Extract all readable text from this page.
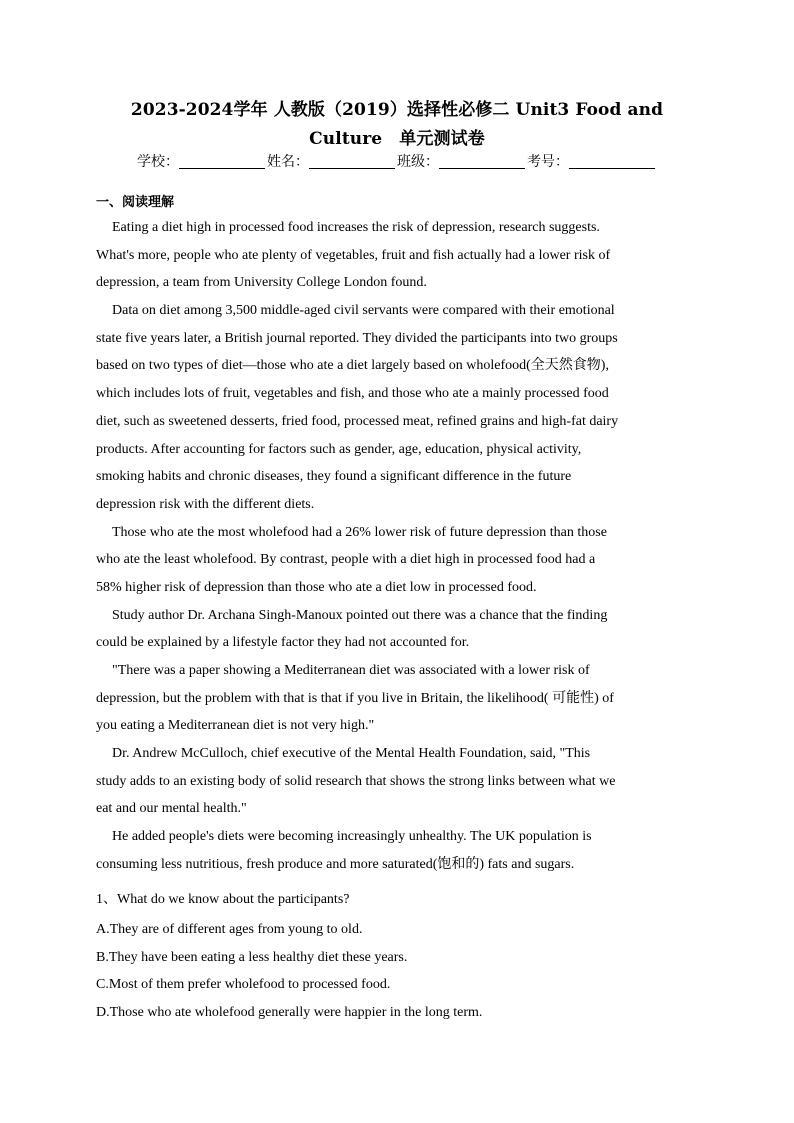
2023-2024学年 人教版（2019）选择性必修二 Unit3 Food and
Culture　单元测试卷
学校：	姓名：	班级：	考号：
一、阅读理解
Eating a diet high in processed food increases the risk of depression, research suggests.
What's more, people who ate plenty of vegetables, fruit and fish actually had a lower risk of
depression, a team from University College London found.
Data on diet among 3,500 middle-aged civil servants were compared with their emotional
state five years later, a British journal reported. They divided the participants into two groups
based on two types of diet—those who ate a diet largely based on wholefood(全天然食物),
which includes lots of fruit, vegetables and fish, and those who ate a mainly processed food
diet, such as sweetened desserts, fried food, processed meat, refined grains and high-fat dairy
products. After accounting for factors such as gender, age, education, physical activity,
smoking habits and chronic diseases, they found a significant difference in the future
depression risk with the different diets.
Those who ate the most wholefood had a 26% lower risk of future depression than those
who ate the least wholefood. By contrast, people with a diet high in processed food had a
58% higher risk of depression than those who ate a diet low in processed food.
Study author Dr. Archana Singh-Manoux pointed out there was a chance that the finding
could be explained by a lifestyle factor they had not accounted for.
"There was a paper showing a Mediterranean diet was associated with a lower risk of
depression, but the problem with that is that if you live in Britain, the likelihood( 可能性) of
you eating a Mediterranean diet is not very high."
Dr. Andrew McCulloch, chief executive of the Mental Health Foundation, said, "This
study adds to an existing body of solid research that shows the strong links between what we
eat and our mental health."
He added people's diets were becoming increasingly unhealthy. The UK population is
consuming less nutritious, fresh produce and more saturated(饱和的) fats and sugars.
1、What do we know about the participants?
A.They are of different ages from young to old.
B.They have been eating a less healthy diet these years.
C.Most of them prefer wholefood to processed food.
D.Those who ate wholefood generally were happier in the long term.
